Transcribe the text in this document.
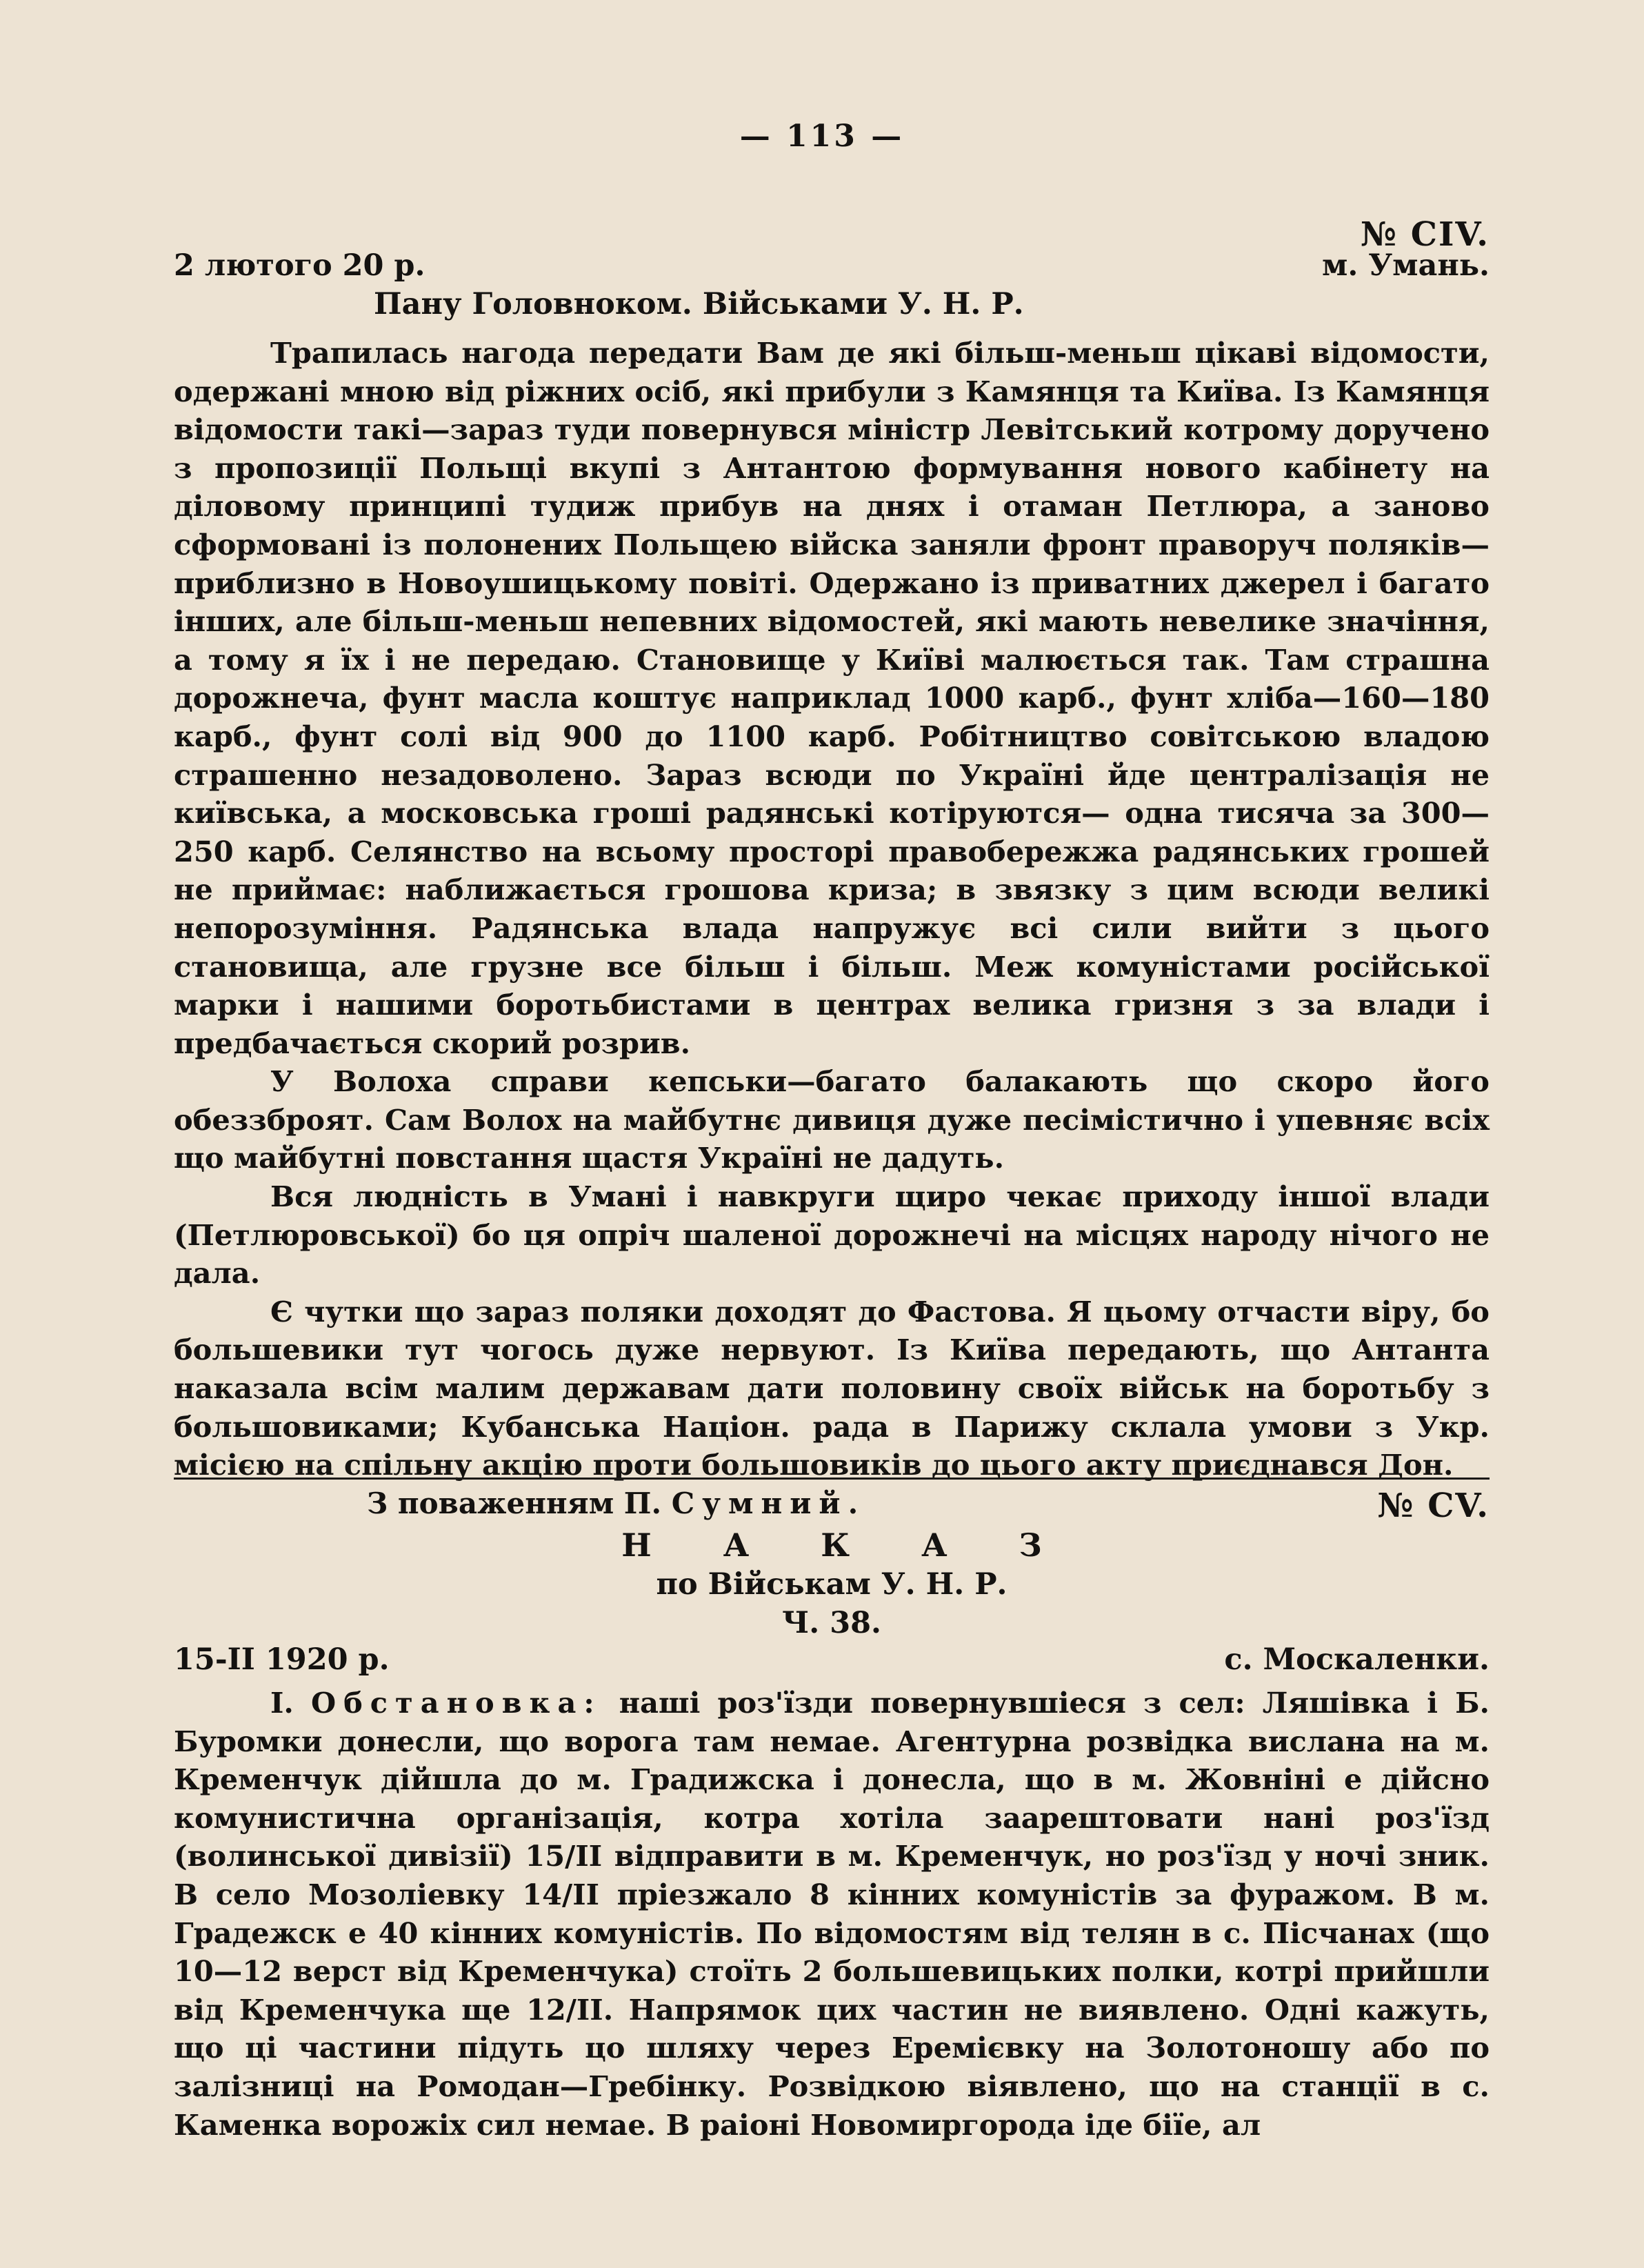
— 113 —
№ CIV.
2 лютого 20 р.	м. Умань.
Пану Головноком. Військами У. Н. Р.

Трапилась нагода передати Вам де які більш-меньш цікаві відомости, одержані мною від ріжних осіб, які прибули з Камянця та Київа. Із Камянця відомости такі—зараз туди повернувся міністр Левітський котрому доручено з пропозиції Польщі вкупі з Антантою формування нового кабінету на діловому принципі тудиж прибув на днях і отаман Петлюра, а заново сформовані із полонених Польщею війска заняли фронт праворуч поляків—приблизно в Новоушицькому повіті. Одержано із приватних джерел і багато інших, але більш-меньш непевних відомостей, які мають невелике значіння, а тому я їх і не передаю. Становище у Київі малюється так. Там страшна дорожнеча, фунт масла коштує наприклад 1000 карб., фунт хліба—160—180 карб., фунт солі від 900 до 1100 карб. Робітництво совітською владою страшенно незадоволено. Зараз всюди по Україні йде централізація не київська, а московська гроші радянські котіруются— одна тисяча за 300—250 карб. Селянство на всьому просторі правобережжа радянських грошей не приймає: наближається грошова криза; в звязку з цим всюди великі непорозуміння. Радянська влада напружує всі сили вийти з цього становища, але грузне все більш і більш. Меж комуністами російської марки і нашими боротьбистами в центрах велика гризня з за влади і предбачається скорий розрив.

У Волоха справи кепськи—багато балакають що скоро його обеззброят. Сам Волох на майбутнє дивиця дуже песімістично і упевняє всіх що майбутні повстання щастя Україні не дадуть.

Вся людність в Умані і навкруги щиро чекає приходу іншої влади (Петлюровської) бо ця опріч шаленої дорожнечі на місцях народу нічого не дала.

Є чутки що зараз поляки доходят до Фастова. Я цьому отчасти віру, бо большевики тут чогось дуже нервуют. Із Київа передають, що Антанта наказала всім малим державам дати половину своїх військ на боротьбу з большовиками; Кубанська Націон. рада в Парижу склала умови з Укр. місією на спільну акцію проти большовиків до цього акту приєднався Дон.

З поваженням П. Сумний.	№ CV.
Н А К А З
по Військам У. Н. Р.
Ч. 38.
15-II 1920 р.	с. Москаленки.

I. Обстановка: наші роз'їзди повернувшіеся з сел: Ляшівка і Б. Буромки донесли, що ворога там немае. Агентурна розвідка вислана на м. Кременчук дійшла до м. Градижска і донесла, що в м. Жовніні е дійсно комунистична організація, котра хотіла заарештовати нані роз'їзд (волинської дивізії) 15/II відправити в м. Кременчук, но роз'їзд у ночі зник. В село Мозоліевку 14/II пріезжало 8 кінних комуністів за фуражом. В м. Градежск е 40 кінних комуністів. По відомостям від телян в с. Пісчанах (що 10—12 верст від Кременчука) стоїть 2 большевицьких полки, котрі прийшли від Кременчука ще 12/II. Напрямок цих частин не виявлено. Одні кажуть, що ці частини підуть цо шляху через Еремієвку на Золотоношу або по залізниці на Ромодан—Гребінку. Розвідкою віявлено, що на станції в с. Каменка ворожіх сил немае. В раіоні Новомиргорода іде біїе, ал
